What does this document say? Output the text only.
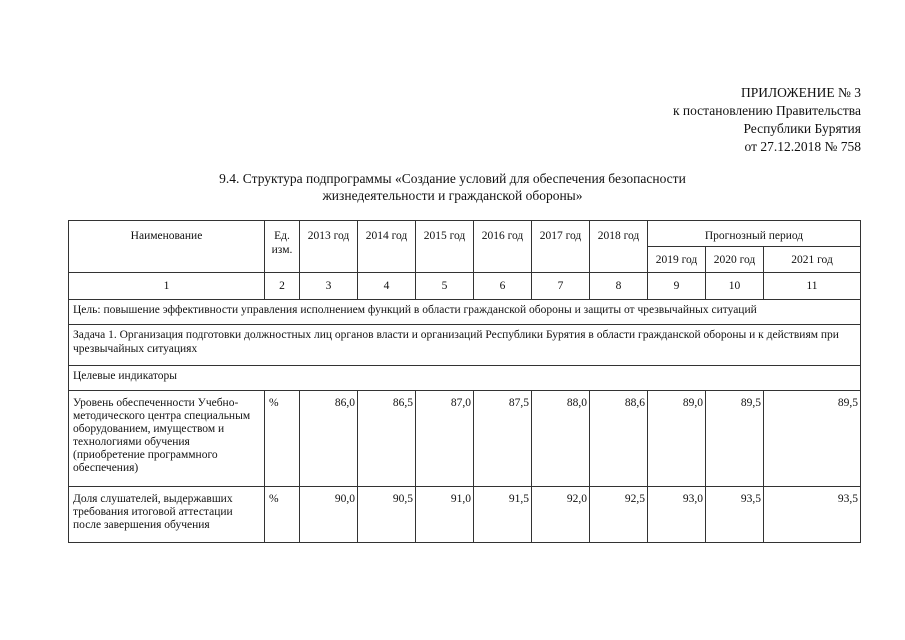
ПРИЛОЖЕНИЕ № 3
к постановлению Правительства
Республики Бурятия
от 27.12.2018 № 758
9.4. Структура подпрограммы «Создание условий для обеспечения безопасности
жизнедеятельности и гражданской обороны»
Наименование	Ед. изм.	2013 год	2014 год	2015 год	2016 год	2017 год	2018 год	Прогнозный период		
								2019 год	2020 год	2021 год
1	2	3	4	5	6	7	8	9	10	11
Цель: повышение эффективности управления исполнением функций в области гражданской обороны и защиты от чрезвычайных ситуаций										
Задача 1. Организация подготовки должностных лиц органов власти и организаций Республики Бурятия в области гражданской обороны и к действиям при чрезвычайных ситуациях										
Целевые индикаторы										
Уровень обеспеченности Учебно-методического центра специальным оборудованием, имуществом и технологиями обучения (приобретение программного обеспечения)	%	86,0	86,5	87,0	87,5	88,0	88,6	89,0	89,5	89,5
Доля слушателей, выдержавших требования итоговой аттестации после завершения обучения	%	90,0	90,5	91,0	91,5	92,0	92,5	93,0	93,5	93,5
